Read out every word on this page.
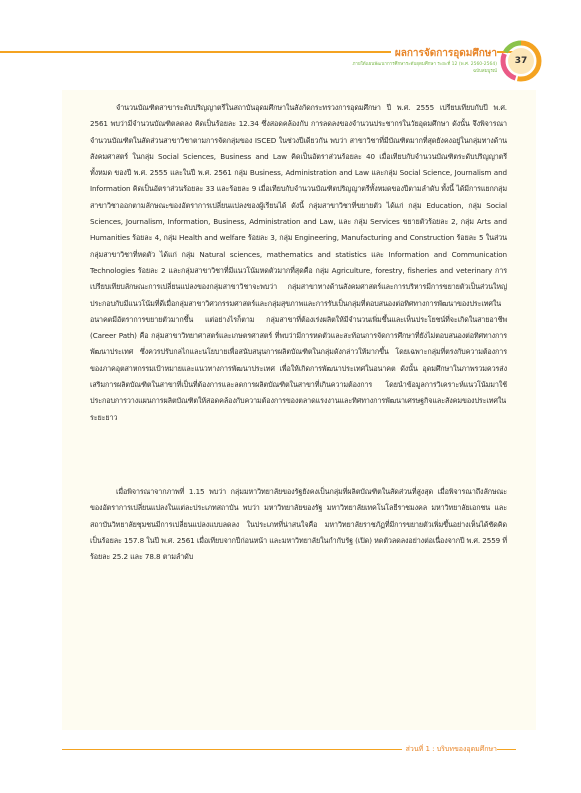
ผลการจัดการอุดมศึกษา
ภายใต้แผนพัฒนาการศึกษาระดับอุดมศึกษา ระยะที่ 12 (พ.ศ. 2560-2564)
ฉบับสมบูรณ์
37

จำนวนบัณฑิตสาขาระดับปริญญาตรีในสถาบันอุดมศึกษาในสังกัดกระทรวงการอุดมศึกษา ปี พ.ศ. 2555 เปรียบเทียบกับปี พ.ศ. 2561 พบว่ามีจำนวนบัณฑิตลดลง คิดเป็นร้อยละ 12.34 ซึ่งสอดคล้องกับ การลดลงของจำนวนประชากรในวัยอุดมศึกษา ดังนั้น จึงพิจารณาจำนวนบัณฑิตในสัดส่วนสาขาวิชาตามการจัดกลุ่มของ ISCED ในช่วงปีเดียวกัน พบว่า สาขาวิชาที่มีบัณฑิตมากที่สุดยังคงอยู่ในกลุ่มทางด้านสังคมศาสตร์ ในกลุ่ม Social Sciences, Business and Law คิดเป็นอัตราส่วนร้อยละ 40 เมื่อเทียบกับจำนวนบัณฑิตระดับปริญญาตรีทั้งหมด ของปี พ.ศ. 2555 และในปี พ.ศ. 2561 กลุ่ม Business, Administration and Law และกลุ่ม Social Science, Journalism and Information คิดเป็นอัตราส่วนร้อยละ 33 และร้อยละ 9 เมื่อเทียบกับจำนวนบัณฑิตปริญญาตรีทั้งหมดของปีตามลำดับ ทั้งนี้ ได้มีการแยกกลุ่มสาขาวิชาออกตามลักษณะของอัตราการเปลี่ยนแปลงของผู้เรียนได้ ดังนี้ กลุ่มสาขาวิชาที่ขยายตัว ได้แก่ กลุ่ม Education, กลุ่ม Social Sciences, Journalism, Information, Business, Administration and Law, และ กลุ่ม Services ขยายตัวร้อยละ 2, กลุ่ม Arts and Humanities ร้อยละ 4, กลุ่ม Health and welfare ร้อยละ 3, กลุ่ม Engineering, Manufacturing and Construction ร้อยละ 5 ในส่วนกลุ่มสาขาวิชาที่หดตัว ได้แก่ กลุ่ม Natural sciences, mathematics and statistics และ Information and Communication Technologies ร้อยละ 2 และกลุ่มสาขาวิชาที่มีแนวโน้มหดตัวมากที่สุดคือ กลุ่ม Agriculture, forestry, fisheries and veterinary การเปรียบเทียบลักษณะการเปลี่ยนแปลงของกลุ่มสาขาวิชาจะพบว่า กลุ่มสาขาทางด้านสังคมศาสตร์และการบริหารมีการขยายตัวเป็นส่วนใหญ่ประกอบกับมีแนวโน้มที่ดีเมื่อกลุ่มสาขาวิศวกรรมศาสตร์และกลุ่มสุขภาพและการรับเป็นกลุ่มที่ตอบสนองต่อทิศทางการพัฒนาของประเทศในอนาคตมีอัตราการขยายตัวมากขึ้น แต่อย่างไรก็ตาม กลุ่มสาขาที่ต้องเร่งผลิตให้มีจำนวนเพิ่มขึ้นและเห็นประโยชน์ที่จะเกิดในสายอาชีพ (Career Path) คือ กลุ่มสาขาวิทยาศาสตร์และเกษตรศาสตร์ ที่พบว่ามีการหดตัวและสะท้อนการจัดการศึกษาที่ยังไม่ตอบสนองต่อทิศทางการพัฒนาประเทศ ซึ่งควรปรับกลไกและนโยบายเพื่อสนับสนุนการผลิตบัณฑิตในกลุ่มดังกล่าวให้มากขึ้น โดยเฉพาะกลุ่มที่ตรงกับความต้องการของภาคอุตสาหกรรมเป้าหมายและแนวทางการพัฒนาประเทศ เพื่อให้เกิดการพัฒนาประเทศในอนาคต ดังนั้น อุดมศึกษาในภาพรวมควรส่งเสริมการผลิตบัณฑิตในสาขาที่เป็นที่ต้องการและลดการผลิตบัณฑิตในสาขาที่เกินความต้องการ โดยนำข้อมูลการวิเคราะห์แนวโน้มมาใช้ประกอบการวางแผนการผลิตบัณฑิตให้สอดคล้องกับความต้องการของตลาดแรงงานและทิศทางการพัฒนาเศรษฐกิจและสังคมของประเทศในระยะยาว

เมื่อพิจารณาจากภาพที่ 1.15 พบว่า กลุ่มมหาวิทยาลัยของรัฐยังคงเป็นกลุ่มที่ผลิตบัณฑิตในสัดส่วนที่สูงสุด เมื่อพิจารณาถึงลักษณะของอัตราการเปลี่ยนแปลงในแต่ละประเภทสถาบัน พบว่า มหาวิทยาลัยของรัฐ มหาวิทยาลัยเทคโนโลยีราชมงคล มหาวิทยาลัยเอกชน และสถาบันวิทยาลัยชุมชนมีการเปลี่ยนแปลงแบบลดลง ในประเภทที่น่าสนใจคือ มหาวิทยาลัยราชภัฏที่มีการขยายตัวเพิ่มขึ้นอย่างเห็นได้ชัดคิดเป็นร้อยละ 157.8 ในปี พ.ศ. 2561 เมื่อเทียบจากปีก่อนหน้า และมหาวิทยาลัยในกำกับรัฐ (เปิด) หดตัวลดลงอย่างต่อเนื่องจากปี พ.ศ. 2559 ที่ร้อยละ 25.2 และ 78.8 ตามลำดับ

ส่วนที่ 1 : บริบทของอุดมศึกษา
